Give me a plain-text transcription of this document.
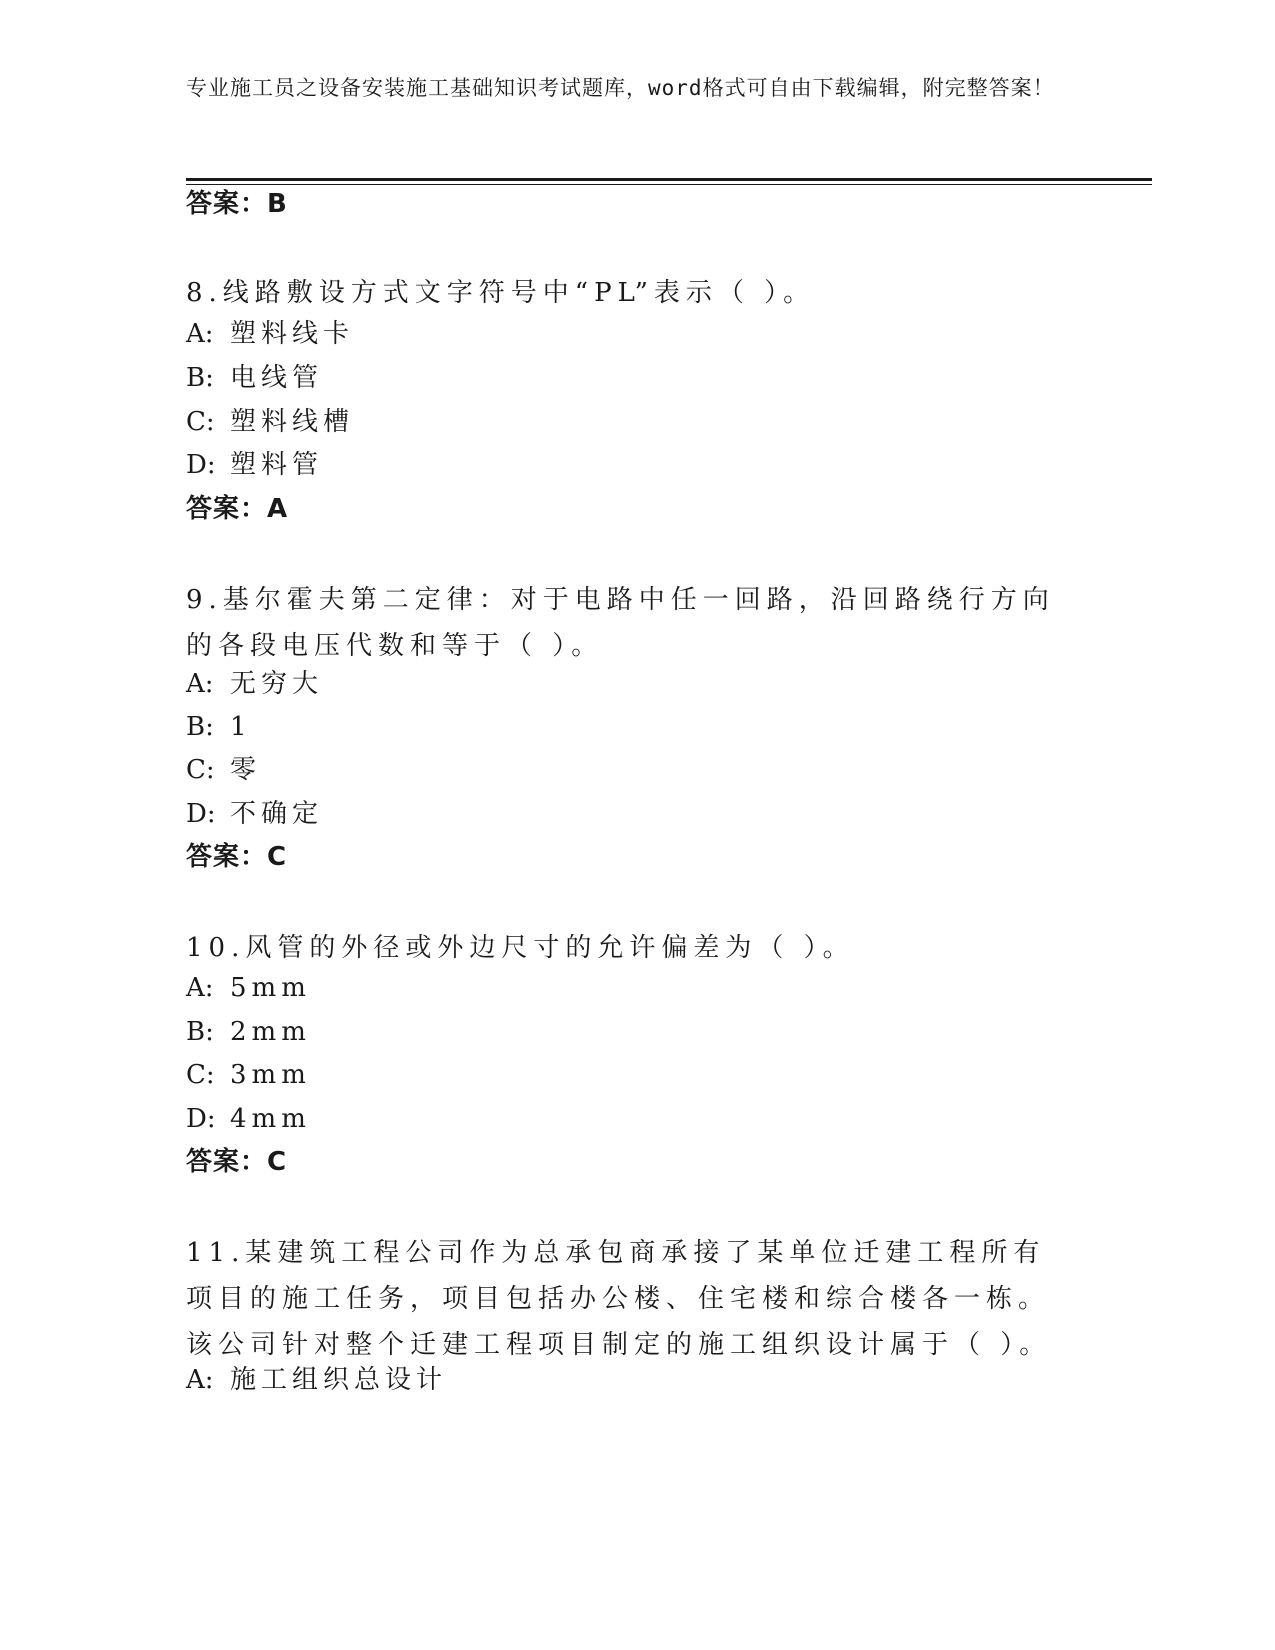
专业施工员之设备安装施工基础知识考试题库，word格式可自由下载编辑，附完整答案！
答案：B
8.线路敷设方式文字符号中“PL”表示（ ）。
A: 塑料线卡
B: 电线管
C: 塑料线槽
D: 塑料管
答案：A
9.基尔霍夫第二定律：对于电路中任一回路，沿回路绕行方向的各段电压代数和等于（ ）。
A: 无穷大
B: 1
C: 零
D: 不确定
答案：C
10.风管的外径或外边尺寸的允许偏差为（ ）。
A: 5mm
B: 2mm
C: 3mm
D: 4mm
答案：C
11.某建筑工程公司作为总承包商承接了某单位迁建工程所有项目的施工任务，项目包括办公楼、住宅楼和综合楼各一栋。该公司针对整个迁建工程项目制定的施工组织设计属于（ ）。
A: 施工组织总设计
